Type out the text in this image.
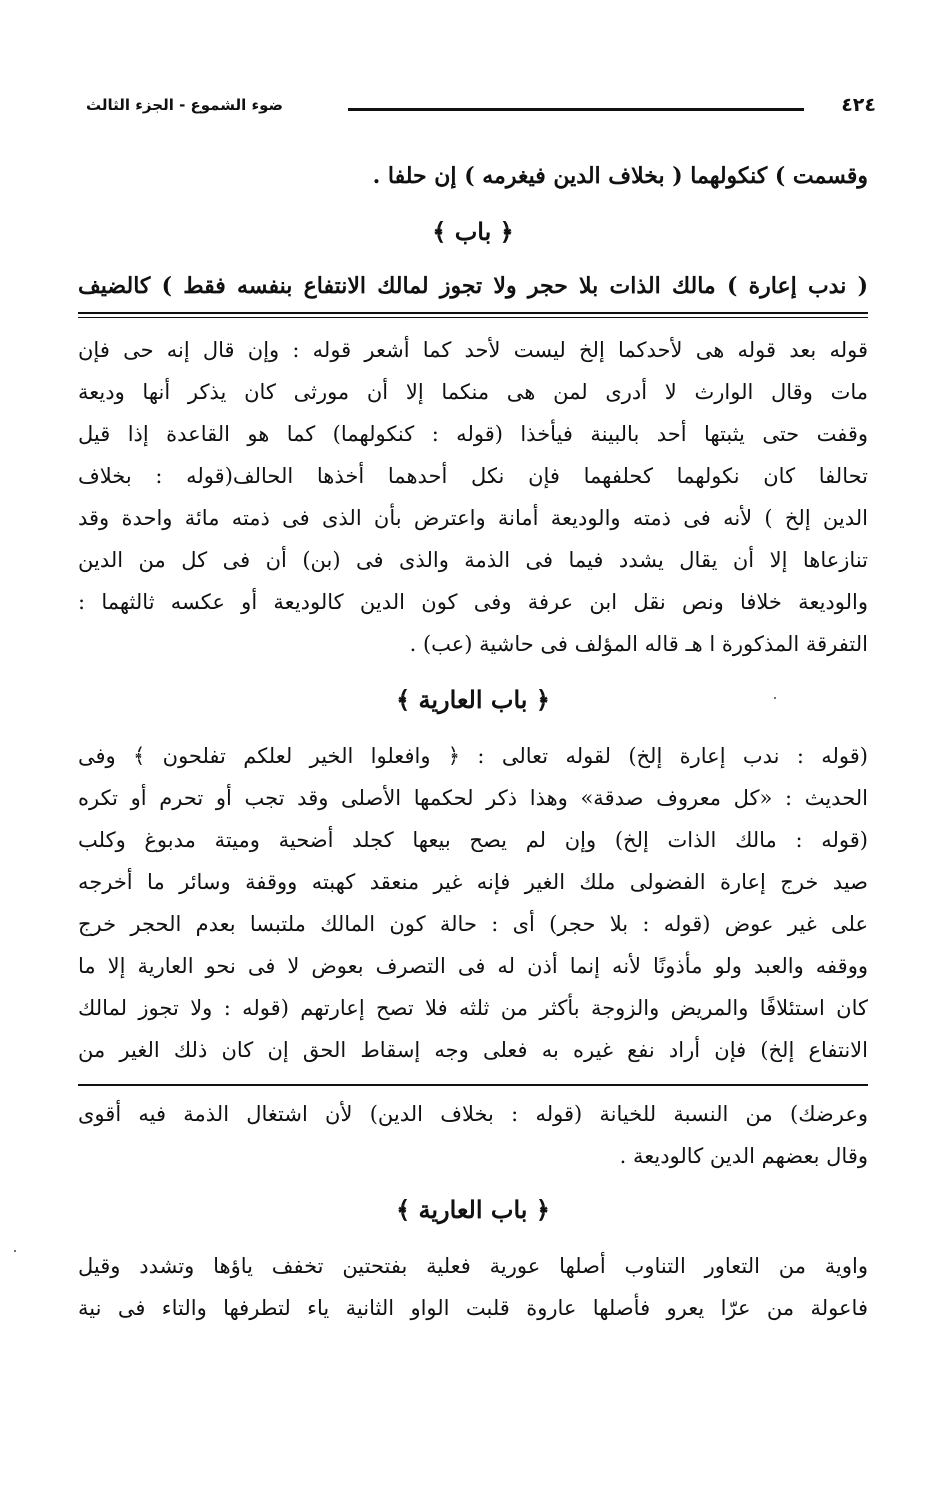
٤٢٤
ضوء الشموع - الجزء الثالث
وقسمت ) كنكولهما ( بخلاف الدين فيغرمه ) إن حلفا .
﴿ باب ﴾
( ندب إعارة ) مالك الذات بلا حجر ولا تجوز لمالك الانتفاع بنفسه فقط ) كالضيف
قوله بعد قوله هى لأحدكما إلخ ليست لأحد كما أشعر قوله : وإن قال إنه حى فإن
مات وقال الوارث لا أدرى لمن هى منكما إلا أن مورثى كان يذكر أنها وديعة
وقفت حتى يثبتها أحد بالبينة فيأخذا (قوله : كنكولهما) كما هو القاعدة إذا قيل
تحالفا كان نكولهما كحلفهما فإن نكل أحدهما أخذها الحالف(قوله : بخلاف
الدين إلخ ) لأنه فى ذمته والوديعة أمانة واعترض بأن الذى فى ذمته مائة واحدة وقد
تنازعاها إلا أن يقال يشدد فيما فى الذمة والذى فى (بن) أن فى كل من الدين
والوديعة خلافا ونص نقل ابن عرفة وفى كون الدين كالوديعة أو عكسه ثالثهما :
التفرقة المذكورة ا هـ قاله المؤلف فى حاشية (عب) .
﴿ باب العارية ﴾
(قوله : ندب إعارة إلخ) لقوله تعالى : ﴿ وافعلوا الخير لعلكم تفلحون ﴾ وفى
الحديث : «كل معروف صدقة» وهذا ذكر لحكمها الأصلى وقد تجب أو تحرم أو تكره
(قوله : مالك الذات إلخ) وإن لم يصح بيعها كجلد أضحية وميتة مدبوغ وكلب
صيد خرج إعارة الفضولى ملك الغير فإنه غير منعقد كهبته ووقفة وسائر ما أخرجه
على غير عوض (قوله : بلا حجر) أى : حالة كون المالك ملتبسا بعدم الحجر خرج
ووقفه والعبد ولو مأذونًا لأنه إنما أذن له فى التصرف بعوض لا فى نحو العارية إلا ما
كان استئلافًا والمريض والزوجة بأكثر من ثلثه فلا تصح إعارتهم (قوله : ولا تجوز لمالك
الانتفاع إلخ) فإن أراد نفع غيره به فعلى وجه إسقاط الحق إن كان ذلك الغير من
وعرضك) من النسبة للخيانة (قوله : بخلاف الدين) لأن اشتغال الذمة فيه أقوى
وقال بعضهم الدين كالوديعة .
﴿ باب العارية ﴾
واوية من التعاور التناوب أصلها عورية فعلية بفتحتين تخفف ياؤها وتشدد وقيل
فاعولة من عرّا يعرو فأصلها عاروة قلبت الواو الثانية ياء لتطرفها والتاء فى نية
